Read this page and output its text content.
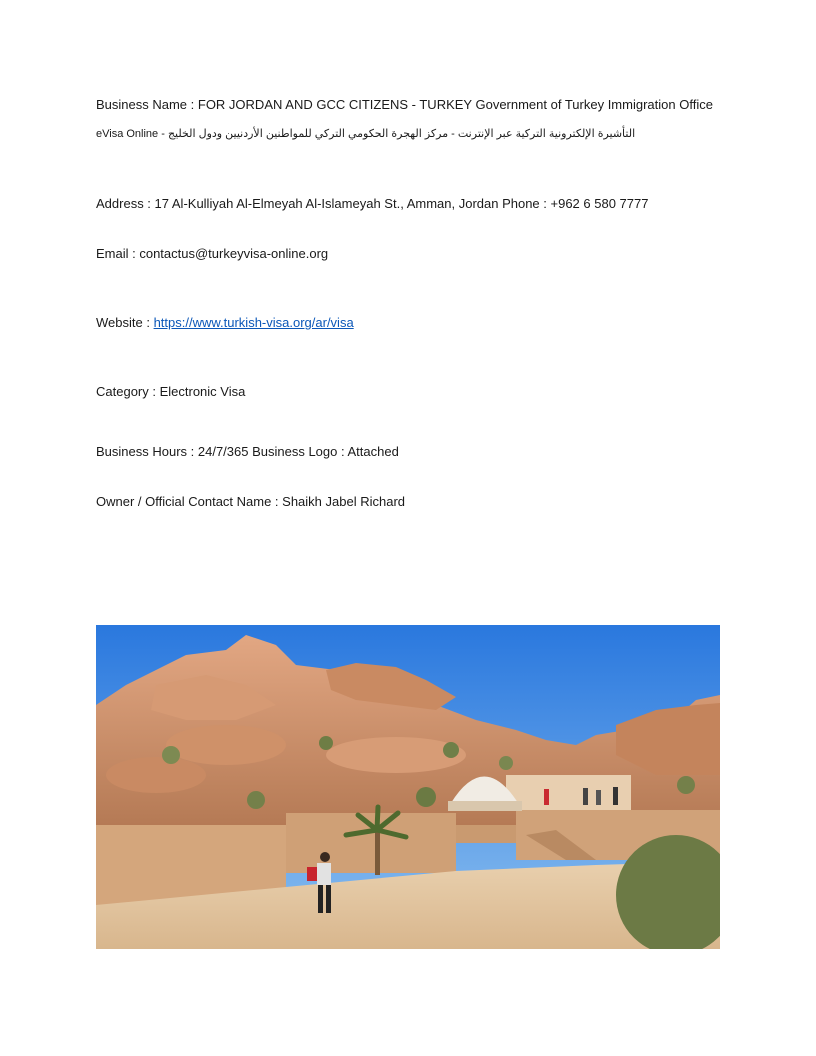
Business Name : FOR JORDAN AND GCC CITIZENS - TURKEY Government of Turkey Immigration Office
eVisa Online - التأشيرة الإلكترونية التركية عبر الإنترنت - مركز الهجرة الحكومي التركي للمواطنين الأردنيين ودول الخليج
Address : 17 Al-Kulliyah Al-Elmeyah Al-Islameyah St., Amman, Jordan Phone : +962 6 580 7777
Email : contactus@turkeyvisa-online.org
Website : https://www.turkish-visa.org/ar/visa
Category : Electronic Visa
Business Hours : 24/7/365 Business Logo : Attached
Owner / Official Contact Name : Shaikh Jabel Richard
